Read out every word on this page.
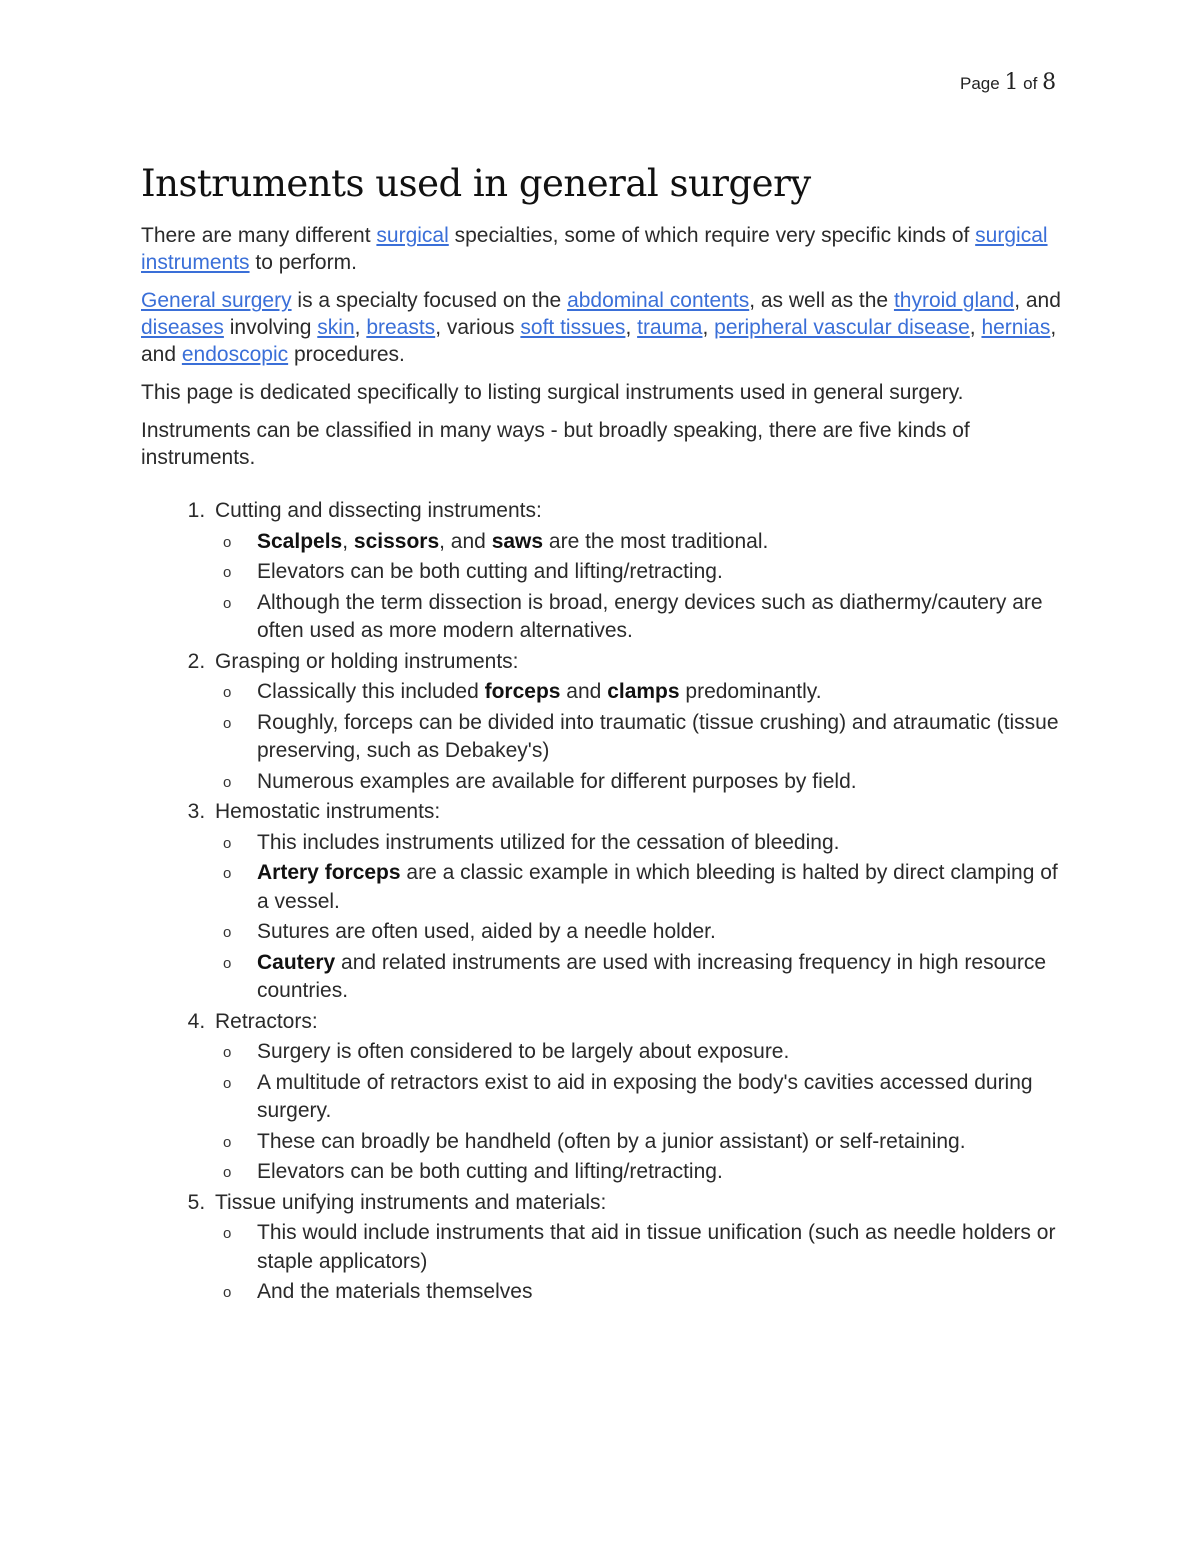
Page 1 of 8
Instruments used in general surgery

There are many different surgical specialties, some of which require very specific kinds of surgical instruments to perform.

General surgery is a specialty focused on the abdominal contents, as well as the thyroid gland, and diseases involving skin, breasts, various soft tissues, trauma, peripheral vascular disease, hernias, and endoscopic procedures.

This page is dedicated specifically to listing surgical instruments used in general surgery.

Instruments can be classified in many ways - but broadly speaking, there are five kinds of instruments.

1. Cutting and dissecting instruments:
o Scalpels, scissors, and saws are the most traditional.
o Elevators can be both cutting and lifting/retracting.
o Although the term dissection is broad, energy devices such as diathermy/cautery are often used as more modern alternatives.
2. Grasping or holding instruments:
o Classically this included forceps and clamps predominantly.
o Roughly, forceps can be divided into traumatic (tissue crushing) and atraumatic (tissue preserving, such as Debakey's)
o Numerous examples are available for different purposes by field.
3. Hemostatic instruments:
o This includes instruments utilized for the cessation of bleeding.
o Artery forceps are a classic example in which bleeding is halted by direct clamping of a vessel.
o Sutures are often used, aided by a needle holder.
o Cautery and related instruments are used with increasing frequency in high resource countries.
4. Retractors:
o Surgery is often considered to be largely about exposure.
o A multitude of retractors exist to aid in exposing the body's cavities accessed during surgery.
o These can broadly be handheld (often by a junior assistant) or self-retaining.
o Elevators can be both cutting and lifting/retracting.
5. Tissue unifying instruments and materials:
o This would include instruments that aid in tissue unification (such as needle holders or staple applicators)
o And the materials themselves
